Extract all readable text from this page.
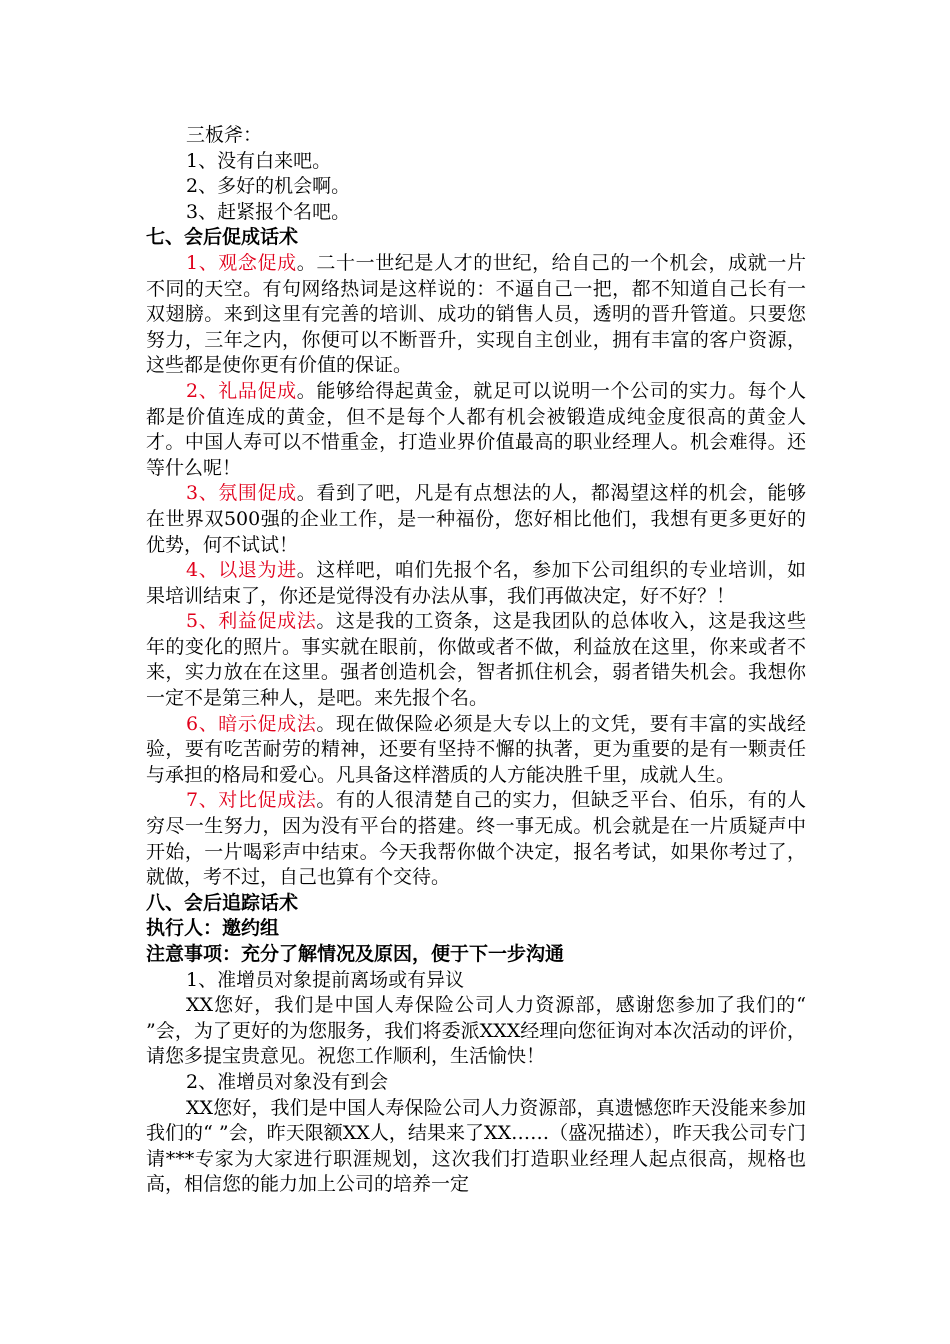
三板斧：

1、没有白来吧。

2、多好的机会啊。

3、赶紧报个名吧。

七、会后促成话术

1、观念促成。二十一世纪是人才的世纪，给自己的一个机会，成就一片不同的天空。有句网络热词是这样说的：不逼自己一把，都不知道自己长有一双翅膀。来到这里有完善的培训、成功的销售人员，透明的晋升管道。只要您努力，三年之内，你便可以不断晋升，实现自主创业，拥有丰富的客户资源，这些都是使你更有价值的保证。

2、礼品促成。能够给得起黄金，就足可以说明一个公司的实力。每个人都是价值连成的黄金，但不是每个人都有机会被锻造成纯金度很高的黄金人才。中国人寿可以不惜重金，打造业界价值最高的职业经理人。机会难得。还等什么呢！

3、氛围促成。看到了吧，凡是有点想法的人，都渴望这样的机会，能够在世界双500强的企业工作，是一种福份，您好相比他们，我想有更多更好的优势，何不试试！

4、以退为进。这样吧，咱们先报个名，参加下公司组织的专业培训，如果培训结束了，你还是觉得没有办法从事，我们再做决定，好不好？！

5、利益促成法。这是我的工资条，这是我团队的总体收入，这是我这些年的变化的照片。事实就在眼前，你做或者不做，利益放在这里，你来或者不来，实力放在在这里。强者创造机会，智者抓住机会，弱者错失机会。我想你一定不是第三种人，是吧。来先报个名。

6、暗示促成法。现在做保险必须是大专以上的文凭，要有丰富的实战经验，要有吃苦耐劳的精神，还要有坚持不懈的执著，更为重要的是有一颗责任与承担的格局和爱心。凡具备这样潜质的人方能决胜千里，成就人生。

7、对比促成法。有的人很清楚自己的实力，但缺乏平台、伯乐，有的人穷尽一生努力，因为没有平台的搭建。终一事无成。机会就是在一片质疑声中开始，一片喝彩声中结束。今天我帮你做个决定，报名考试，如果你考过了，就做，考不过，自己也算有个交待。

八、会后追踪话术

执行人：邀约组

注意事项：充分了解情况及原因，便于下一步沟通

1、准增员对象提前离场或有异议

XX您好，我们是中国人寿保险公司人力资源部，感谢您参加了我们的“ ”会，为了更好的为您服务，我们将委派XXX经理向您征询对本次活动的评价，请您多提宝贵意见。祝您工作顺利，生活愉快！

2、准增员对象没有到会

XX您好，我们是中国人寿保险公司人力资源部，真遗憾您昨天没能来参加我们的“ ”会，昨天限额XX人，结果来了XX……（盛况描述），昨天我公司专门请***专家为大家进行职涯规划，这次我们打造职业经理人起点很高，规格也高，相信您的能力加上公司的培养一定
